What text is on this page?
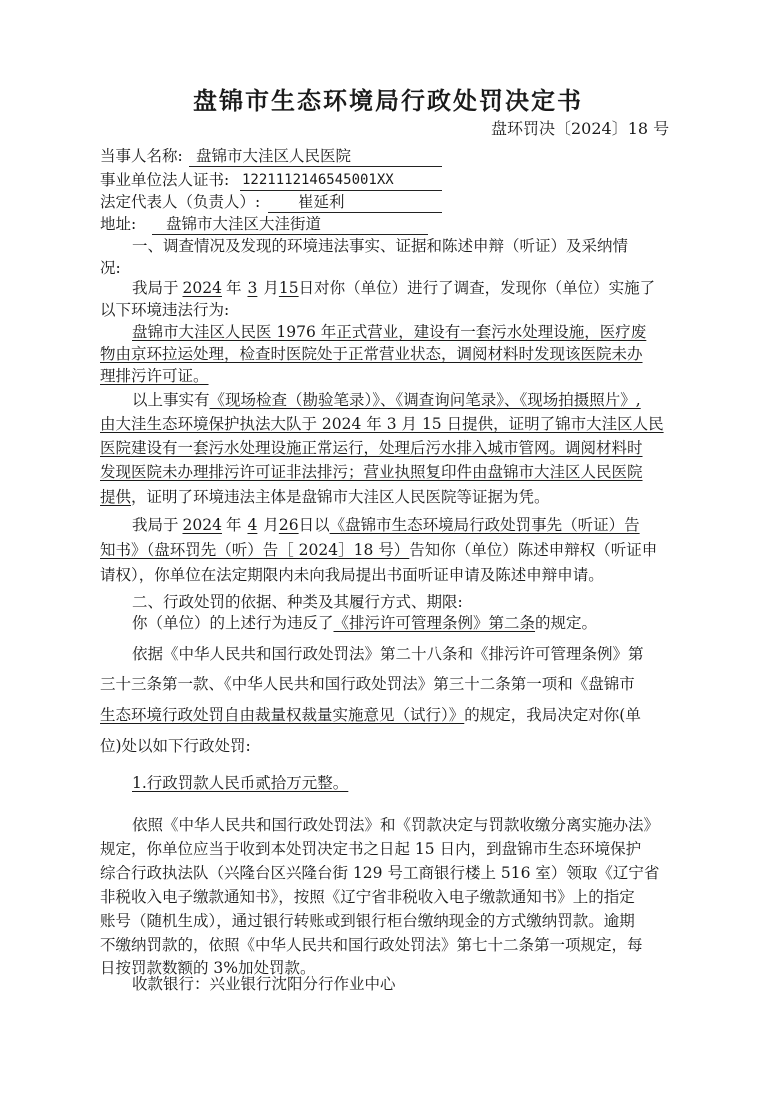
盘锦市生态环境局行政处罚决定书
盘环罚决〔2024〕18 号
当事人名称: 盘锦市大洼区人民医院
事业单位法人证书: 1221112146545001XX
法定代表人（负责人）: 崔延利
地址: 盘锦市大洼区大洼街道
一、调查情况及发现的环境违法事实、证据和陈述申辩（听证）及采纳情
况:
我局于 2024 年 3 月15日对你（单位）进行了调查，发现你（单位）实施了
以下环境违法行为:
盘锦市大洼区人民医 1976 年正式营业，建设有一套污水处理设施，医疗废
物由京环拉运处理，检查时医院处于正常营业状态，调阅材料时发现该医院未办
理排污许可证。
以上事实有《现场检查（勘验笔录）》、《调查询问笔录》、《现场拍摄照片》,
由大洼生态环境保护执法大队于 2024 年 3 月 15 日提供，证明了锦市大洼区人民
医院建设有一套污水处理设施正常运行，处理后污水排入城市管网。调阅材料时
发现医院未办理排污许可证非法排污；营业执照复印件由盘锦市大洼区人民医院
提供，证明了环境违法主体是盘锦市大洼区人民医院等证据为凭。
我局于 2024 年 4 月26日以《盘锦市生态环境局行政处罚事先（听证）告
知书》（盘环罚先（听）告［ 2024］18 号）告知你（单位）陈述申辩权（听证申
请权），你单位在法定期限内未向我局提出书面听证申请及陈述申辩申请。
二、行政处罚的依据、种类及其履行方式、期限:
你（单位）的上述行为违反了《排污许可管理条例》第二条的规定。
依据《中华人民共和国行政处罚法》第二十八条和《排污许可管理条例》第
三十三条第一款、《中华人民共和国行政处罚法》第三十二条第一项和《盘锦市
生态环境行政处罚自由裁量权裁量实施意见（试行）》的规定，我局决定对你(单
位)处以如下行政处罚:
1.行政罚款人民币贰拾万元整。
依照《中华人民共和国行政处罚法》和《罚款决定与罚款收缴分离实施办法》
规定，你单位应当于收到本处罚决定书之日起 15 日内，到盘锦市生态环境保护
综合行政执法队（兴隆台区兴隆台街 129 号工商银行楼上 516 室）领取《辽宁省
非税收入电子缴款通知书》，按照《辽宁省非税收入电子缴款通知书》上的指定
账号（随机生成），通过银行转账或到银行柜台缴纳现金的方式缴纳罚款。逾期
不缴纳罚款的，依照《中华人民共和国行政处罚法》第七十二条第一项规定，每
日按罚款数额的 3%加处罚款。
收款银行：兴业银行沈阳分行作业中心
